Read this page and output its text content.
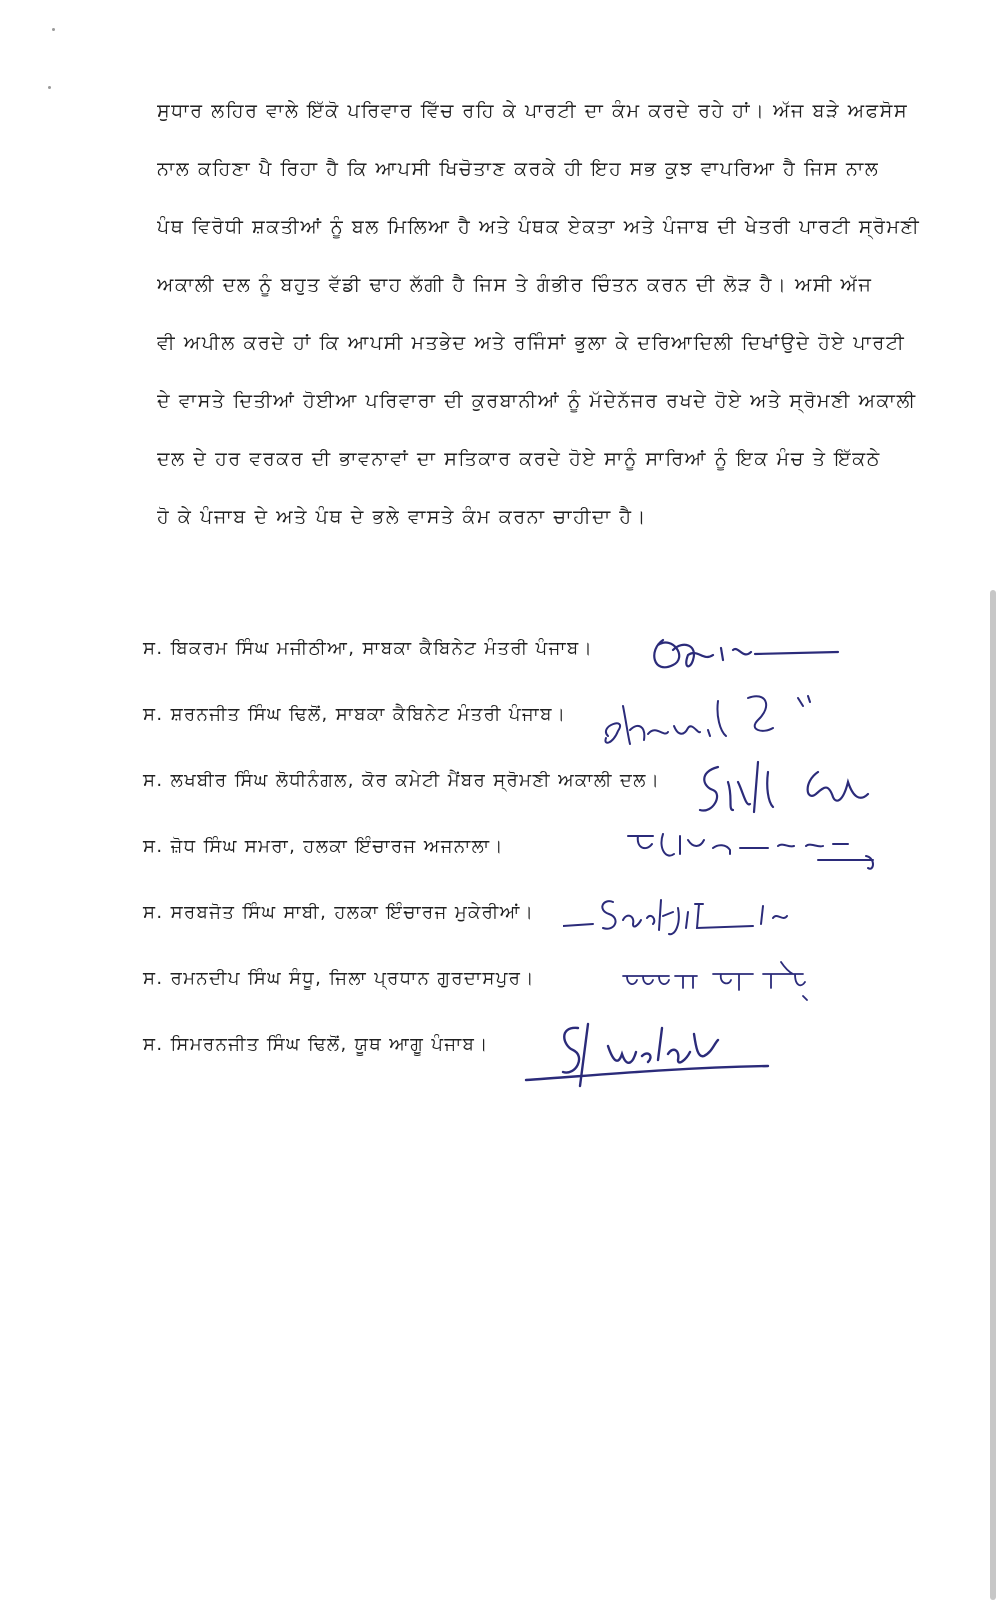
ਸੁਧਾਰ ਲਹਿਰ ਵਾਲੇ ਇੱਕੋ ਪਰਿਵਾਰ ਵਿੱਚ ਰਹਿ ਕੇ ਪਾਰਟੀ ਦਾ ਕੰਮ ਕਰਦੇ ਰਹੇ ਹਾਂ। ਅੱਜ ਬੜੇ ਅਫਸੋਸ
ਨਾਲ ਕਹਿਣਾ ਪੈ ਰਿਹਾ ਹੈ ਕਿ ਆਪਸੀ ਖਿਚੋਤਾਣ ਕਰਕੇ ਹੀ ਇਹ ਸਭ ਕੁਝ ਵਾਪਰਿਆ ਹੈ ਜਿਸ ਨਾਲ
ਪੰਥ ਵਿਰੋਧੀ ਸ਼ਕਤੀਆਂ ਨੂੰ ਬਲ ਮਿਲਿਆ ਹੈ ਅਤੇ ਪੰਥਕ ਏਕਤਾ ਅਤੇ ਪੰਜਾਬ ਦੀ ਖੇਤਰੀ ਪਾਰਟੀ ਸ੍ਰੋਮਣੀ
ਅਕਾਲੀ ਦਲ ਨੂੰ ਬਹੁਤ ਵੱਡੀ ਢਾਹ ਲੱਗੀ ਹੈ ਜਿਸ ਤੇ ਗੰਭੀਰ ਚਿੰਤਨ ਕਰਨ ਦੀ ਲੋੜ ਹੈ। ਅਸੀ ਅੱਜ
ਵੀ ਅਪੀਲ ਕਰਦੇ ਹਾਂ ਕਿ ਆਪਸੀ ਮਤਭੇਦ ਅਤੇ ਰਜਿੰਸਾਂ ਭੁਲਾ ਕੇ ਦਰਿਆਦਿਲੀ ਦਿਖਾਂਉਦੇ ਹੋਏ ਪਾਰਟੀ
ਦੇ ਵਾਸਤੇ ਦਿਤੀਆਂ ਹੋਈਆ ਪਰਿਵਾਰਾ ਦੀ ਕੁਰਬਾਨੀਆਂ ਨੂੰ ਮੱਦੇਨੱਜਰ ਰਖਦੇ ਹੋਏ ਅਤੇ ਸ੍ਰੋਮਣੀ ਅਕਾਲੀ
ਦਲ ਦੇ ਹਰ ਵਰਕਰ ਦੀ ਭਾਵਨਾਵਾਂ ਦਾ ਸਤਿਕਾਰ ਕਰਦੇ ਹੋਏ ਸਾਨੂੰ ਸਾਰਿਆਂ ਨੂੰ ਇਕ ਮੰਚ ਤੇ ਇੱਕਠੇ
ਹੋ ਕੇ ਪੰਜਾਬ ਦੇ ਅਤੇ ਪੰਥ ਦੇ ਭਲੇ ਵਾਸਤੇ ਕੰਮ ਕਰਨਾ ਚਾਹੀਦਾ ਹੈ।
ਸ. ਬਿਕਰਮ ਸਿੰਘ ਮਜੀਠੀਆ, ਸਾਬਕਾ ਕੈਬਿਨੇਟ ਮੰਤਰੀ ਪੰਜਾਬ।
ਸ. ਸ਼ਰਨਜੀਤ ਸਿੰਘ ਢਿਲੋਂ, ਸਾਬਕਾ ਕੈਬਿਨੇਟ ਮੰਤਰੀ ਪੰਜਾਬ।
ਸ. ਲਖਬੀਰ ਸਿੰਘ ਲੋਧੀਨੰਗਲ, ਕੋਰ ਕਮੇਟੀ ਮੈਂਬਰ ਸ੍ਰੋਮਣੀ ਅਕਾਲੀ ਦਲ।
ਸ. ਜ਼ੋਧ ਸਿੰਘ ਸਮਰਾ, ਹਲਕਾ ਇੰਚਾਰਜ ਅਜਨਾਲਾ।
ਸ. ਸਰਬਜੋਤ ਸਿੰਘ ਸਾਬੀ, ਹਲਕਾ ਇੰਚਾਰਜ ਮੁਕੇਰੀਆਂ।
ਸ. ਰਮਨਦੀਪ ਸਿੰਘ ਸੰਧੂ, ਜਿਲਾ ਪ੍ਰਧਾਨ ਗੁਰਦਾਸਪੁਰ।
ਸ. ਸਿਮਰਨਜੀਤ ਸਿੰਘ ਢਿਲੋਂ, ਯੂਥ ਆਗੂ ਪੰਜਾਬ।
